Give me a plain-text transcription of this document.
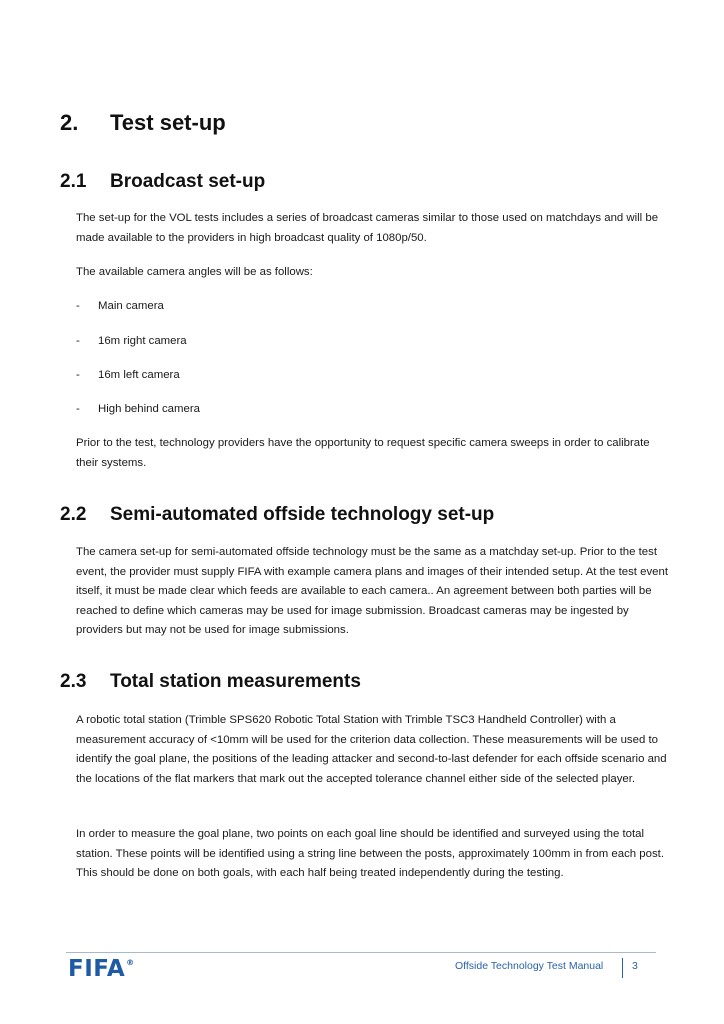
2. Test set-up
2.1 Broadcast set-up

The set-up for the VOL tests includes a series of broadcast cameras similar to those used on matchdays and will be made available to the providers in high broadcast quality of 1080p/50.

The available camera angles will be as follows:

- Main camera
- 16m right camera
- 16m left camera
- High behind camera

Prior to the test, technology providers have the opportunity to request specific camera sweeps in order to calibrate their systems.

2.2 Semi-automated offside technology set-up

The camera set-up for semi-automated offside technology must be the same as a matchday set-up. Prior to the test event, the provider must supply FIFA with example camera plans and images of their intended setup. At the test event itself, it must be made clear which feeds are available to each camera.. An agreement between both parties will be reached to define which cameras may be used for image submission. Broadcast cameras may be ingested by providers but may not be used for image submissions.

2.3 Total station measurements

A robotic total station (Trimble SPS620 Robotic Total Station with Trimble TSC3 Handheld Controller) with a measurement accuracy of <10mm will be used for the criterion data collection. These measurements will be used to identify the goal plane, the positions of the leading attacker and second-to-last defender for each offside scenario and the locations of the flat markers that mark out the accepted tolerance channel either side of the selected player.

In order to measure the goal plane, two points on each goal line should be identified and surveyed using the total station. These points will be identified using a string line between the posts, approximately 100mm in from each post. This should be done on both goals, with each half being treated independently during the testing.

FIFA®	Offside Technology Test Manual	3
